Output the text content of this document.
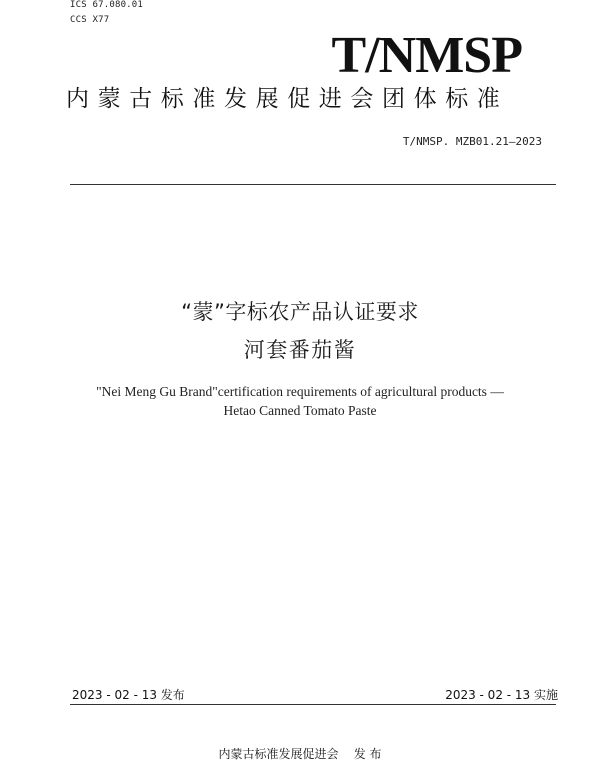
ICS 67.080.01
CCS X77
T/NMSP
内蒙古标准发展促进会团体标准
T/NMSP. MZB01.21—2023
“蒙”字标农产品认证要求
河套番茄酱
"Nei Meng Gu Brand"certification requirements of agricultural products —
Hetao Canned Tomato Paste
2023 - 02 - 13 发布	2023 - 02 - 13 实施
内蒙古标准发展促进会    发 布
